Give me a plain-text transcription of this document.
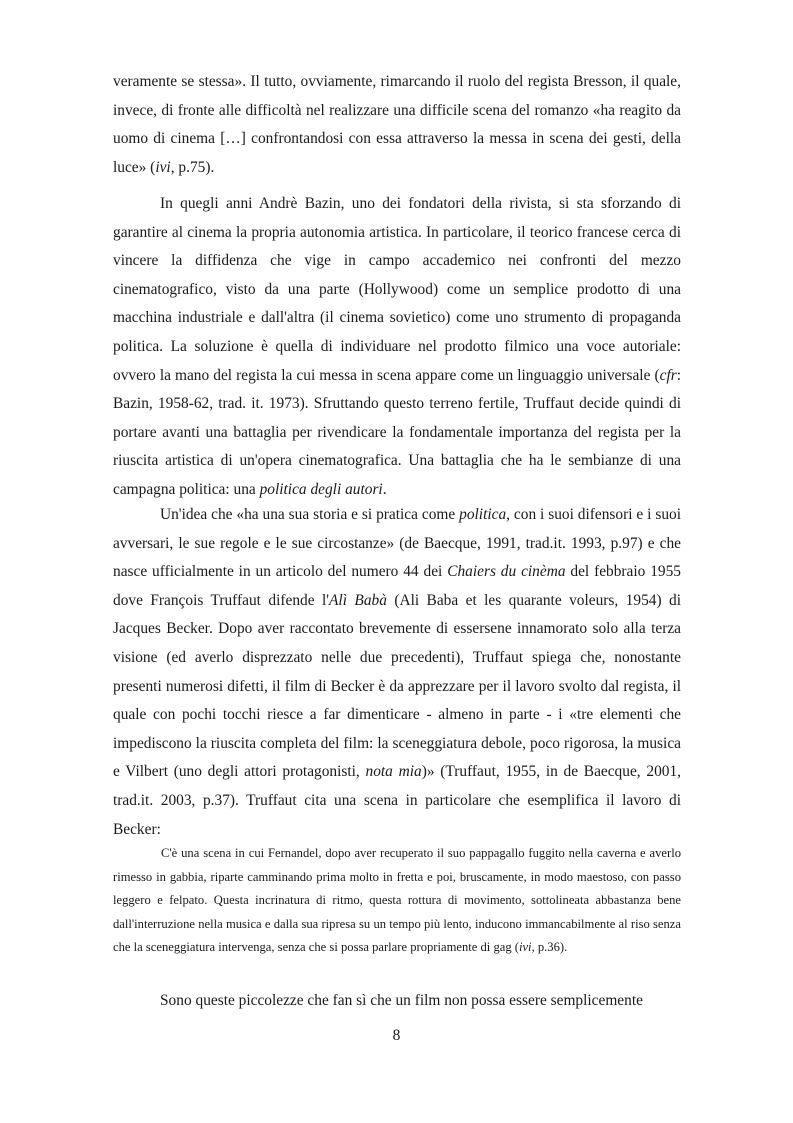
veramente se stessa». Il tutto, ovviamente, rimarcando il ruolo del regista Bresson, il quale, invece, di fronte alle difficoltà nel realizzare una difficile scena del romanzo «ha reagito da uomo di cinema […] confrontandosi con essa attraverso la messa in scena dei gesti, della luce» (ivi, p.75).

In quegli anni Andrè Bazin, uno dei fondatori della rivista, si sta sforzando di garantire al cinema la propria autonomia artistica. In particolare, il teorico francese cerca di vincere la diffidenza che vige in campo accademico nei confronti del mezzo cinematografico, visto da una parte (Hollywood) come un semplice prodotto di una macchina industriale e dall'altra (il cinema sovietico) come uno strumento di propaganda politica. La soluzione è quella di individuare nel prodotto filmico una voce autoriale: ovvero la mano del regista la cui messa in scena appare come un linguaggio universale (cfr: Bazin, 1958-62, trad. it. 1973). Sfruttando questo terreno fertile, Truffaut decide quindi di portare avanti una battaglia per rivendicare la fondamentale importanza del regista per la riuscita artistica di un'opera cinematografica. Una battaglia che ha le sembianze di una campagna politica: una politica degli autori.

Un'idea che «ha una sua storia e si pratica come politica, con i suoi difensori e i suoi avversari, le sue regole e le sue circostanze» (de Baecque, 1991, trad.it. 1993, p.97) e che nasce ufficialmente in un articolo del numero 44 dei Chaiers du cinèma del febbraio 1955 dove François Truffaut difende l'Alì Babà (Ali Baba et les quarante voleurs, 1954) di Jacques Becker. Dopo aver raccontato brevemente di essersene innamorato solo alla terza visione (ed averlo disprezzato nelle due precedenti), Truffaut spiega che, nonostante presenti numerosi difetti, il film di Becker è da apprezzare per il lavoro svolto dal regista, il quale con pochi tocchi riesce a far dimenticare - almeno in parte - i «tre elementi che impediscono la riuscita completa del film: la sceneggiatura debole, poco rigorosa, la musica e Vilbert (uno degli attori protagonisti, nota mia)» (Truffaut, 1955, in de Baecque, 2001, trad.it. 2003, p.37). Truffaut cita una scena in particolare che esemplifica il lavoro di Becker:

C'è una scena in cui Fernandel, dopo aver recuperato il suo pappagallo fuggito nella caverna e averlo rimesso in gabbia, riparte camminando prima molto in fretta e poi, bruscamente, in modo maestoso, con passo leggero e felpato. Questa incrinatura di ritmo, questa rottura di movimento, sottolineata abbastanza bene dall'interruzione nella musica e dalla sua ripresa su un tempo più lento, inducono immancabilmente al riso senza che la sceneggiatura intervenga, senza che si possa parlare propriamente di gag (ivi, p.36).

Sono queste piccolezze che fan sì che un film non possa essere semplicemente

8
